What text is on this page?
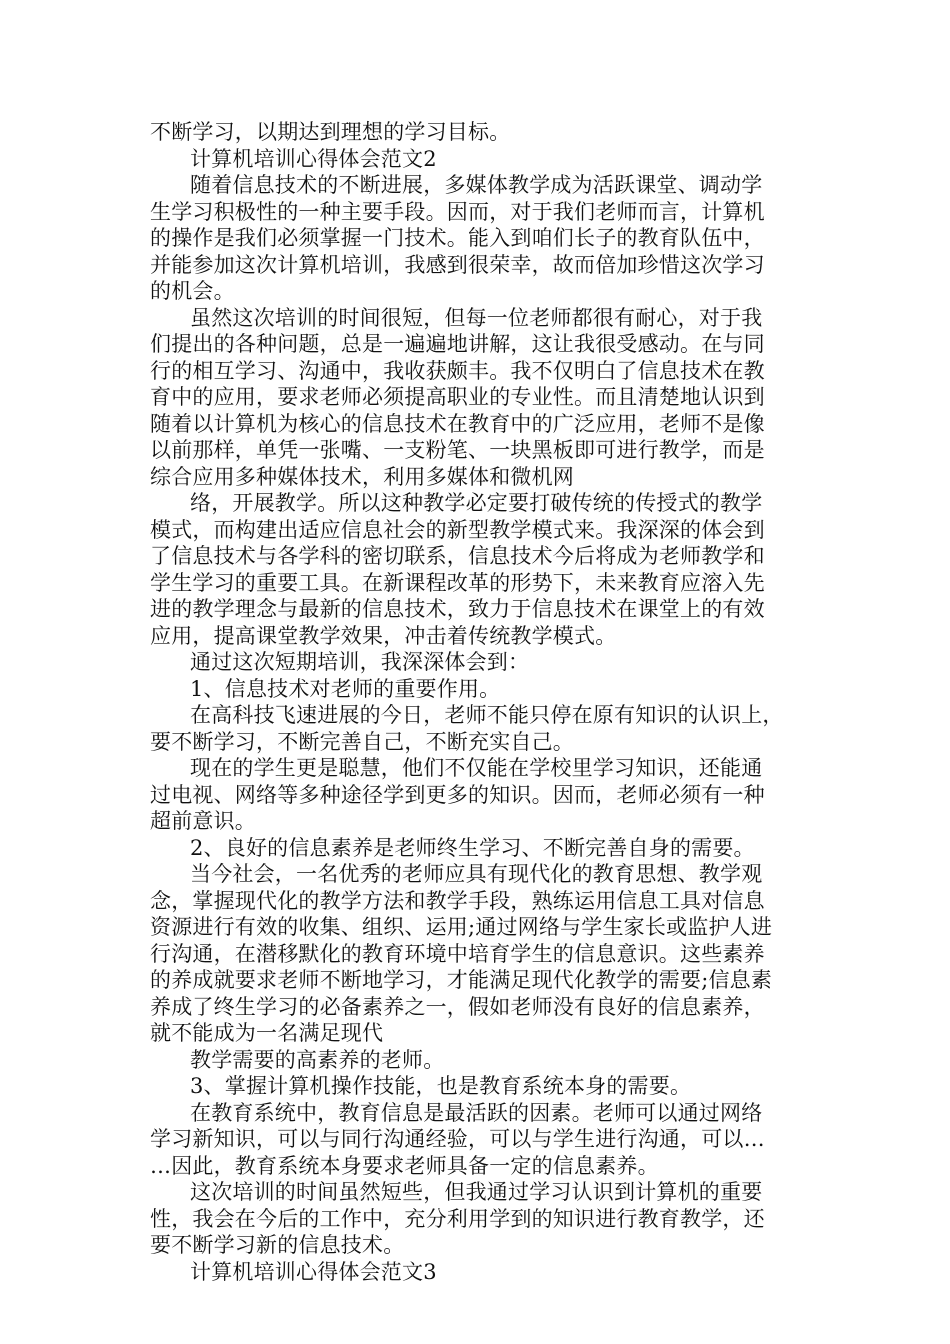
不断学习，以期达到理想的学习目标。
计算机培训心得体会范文2
随着信息技术的不断进展，多媒体教学成为活跃课堂、调动学
生学习积极性的一种主要手段。因而，对于我们老师而言，计算机
的操作是我们必须掌握一门技术。能入到咱们长子的教育队伍中，
并能参加这次计算机培训，我感到很荣幸，故而倍加珍惜这次学习
的机会。
虽然这次培训的时间很短，但每一位老师都很有耐心，对于我
们提出的各种问题，总是一遍遍地讲解，这让我很受感动。在与同
行的相互学习、沟通中，我收获颇丰。我不仅明白了信息技术在教
育中的应用，要求老师必须提高职业的专业性。而且清楚地认识到
随着以计算机为核心的信息技术在教育中的广泛应用，老师不是像
以前那样，单凭一张嘴、一支粉笔、一块黑板即可进行教学，而是
综合应用多种媒体技术，利用多媒体和微机网
络，开展教学。所以这种教学必定要打破传统的传授式的教学
模式，而构建出适应信息社会的新型教学模式来。我深深的体会到
了信息技术与各学科的密切联系，信息技术今后将成为老师教学和
学生学习的重要工具。在新课程改革的形势下，未来教育应溶入先
进的教学理念与最新的信息技术，致力于信息技术在课堂上的有效
应用，提高课堂教学效果，冲击着传统教学模式。
通过这次短期培训，我深深体会到：
1、信息技术对老师的重要作用。
在高科技飞速进展的今日，老师不能只停在原有知识的认识上，
要不断学习，不断完善自己，不断充实自己。
现在的学生更是聪慧，他们不仅能在学校里学习知识，还能通
过电视、网络等多种途径学到更多的知识。因而，老师必须有一种
超前意识。
2、良好的信息素养是老师终生学习、不断完善自身的需要。
当今社会，一名优秀的老师应具有现代化的教育思想、教学观
念，掌握现代化的教学方法和教学手段，熟练运用信息工具对信息
资源进行有效的收集、组织、运用;通过网络与学生家长或监护人进
行沟通，在潜移默化的教育环境中培育学生的信息意识。这些素养
的养成就要求老师不断地学习，才能满足现代化教学的需要;信息素
养成了终生学习的必备素养之一，假如老师没有良好的信息素养，
就不能成为一名满足现代
教学需要的高素养的老师。
3、掌握计算机操作技能，也是教育系统本身的需要。
在教育系统中，教育信息是最活跃的因素。老师可以通过网络
学习新知识，可以与同行沟通经验，可以与学生进行沟通，可以…
…因此，教育系统本身要求老师具备一定的信息素养。
这次培训的时间虽然短些，但我通过学习认识到计算机的重要
性，我会在今后的工作中，充分利用学到的知识进行教育教学，还
要不断学习新的信息技术。
计算机培训心得体会范文3
